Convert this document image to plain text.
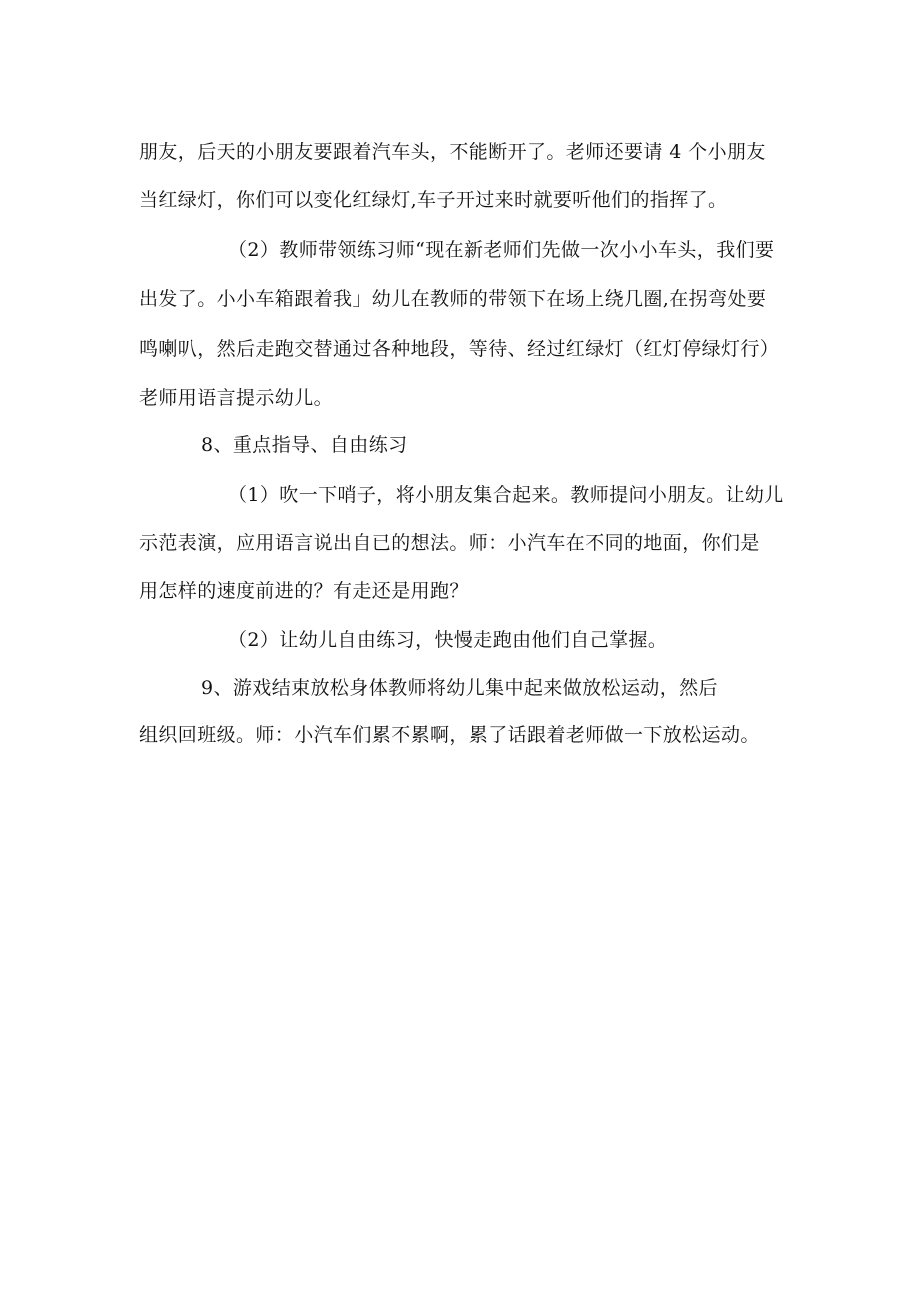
朋友，后天的小朋友要跟着汽车头，不能断开了。老师还要请 4 个小朋友
当红绿灯，你们可以变化红绿灯,车子开过来时就要听他们的指挥了。
（2）教师带领练习师“现在新老师们先做一次小小车头，我们要
出发了。小小车箱跟着我」幼儿在教师的带领下在场上绕几圈,在拐弯处要
鸣喇叭，然后走跑交替通过各种地段，等待、经过红绿灯（红灯停绿灯行）
老师用语言提示幼儿。
8、重点指导、自由练习
（1）吹一下哨子，将小朋友集合起来。教师提问小朋友。让幼儿
示范表演，应用语言说出自已的想法。师：小汽车在不同的地面，你们是
用怎样的速度前进的？有走还是用跑？
（2）让幼儿自由练习，快慢走跑由他们自己掌握。
9、游戏结束放松身体教师将幼儿集中起来做放松运动，然后
组织回班级。师：小汽车们累不累啊，累了话跟着老师做一下放松运动。
